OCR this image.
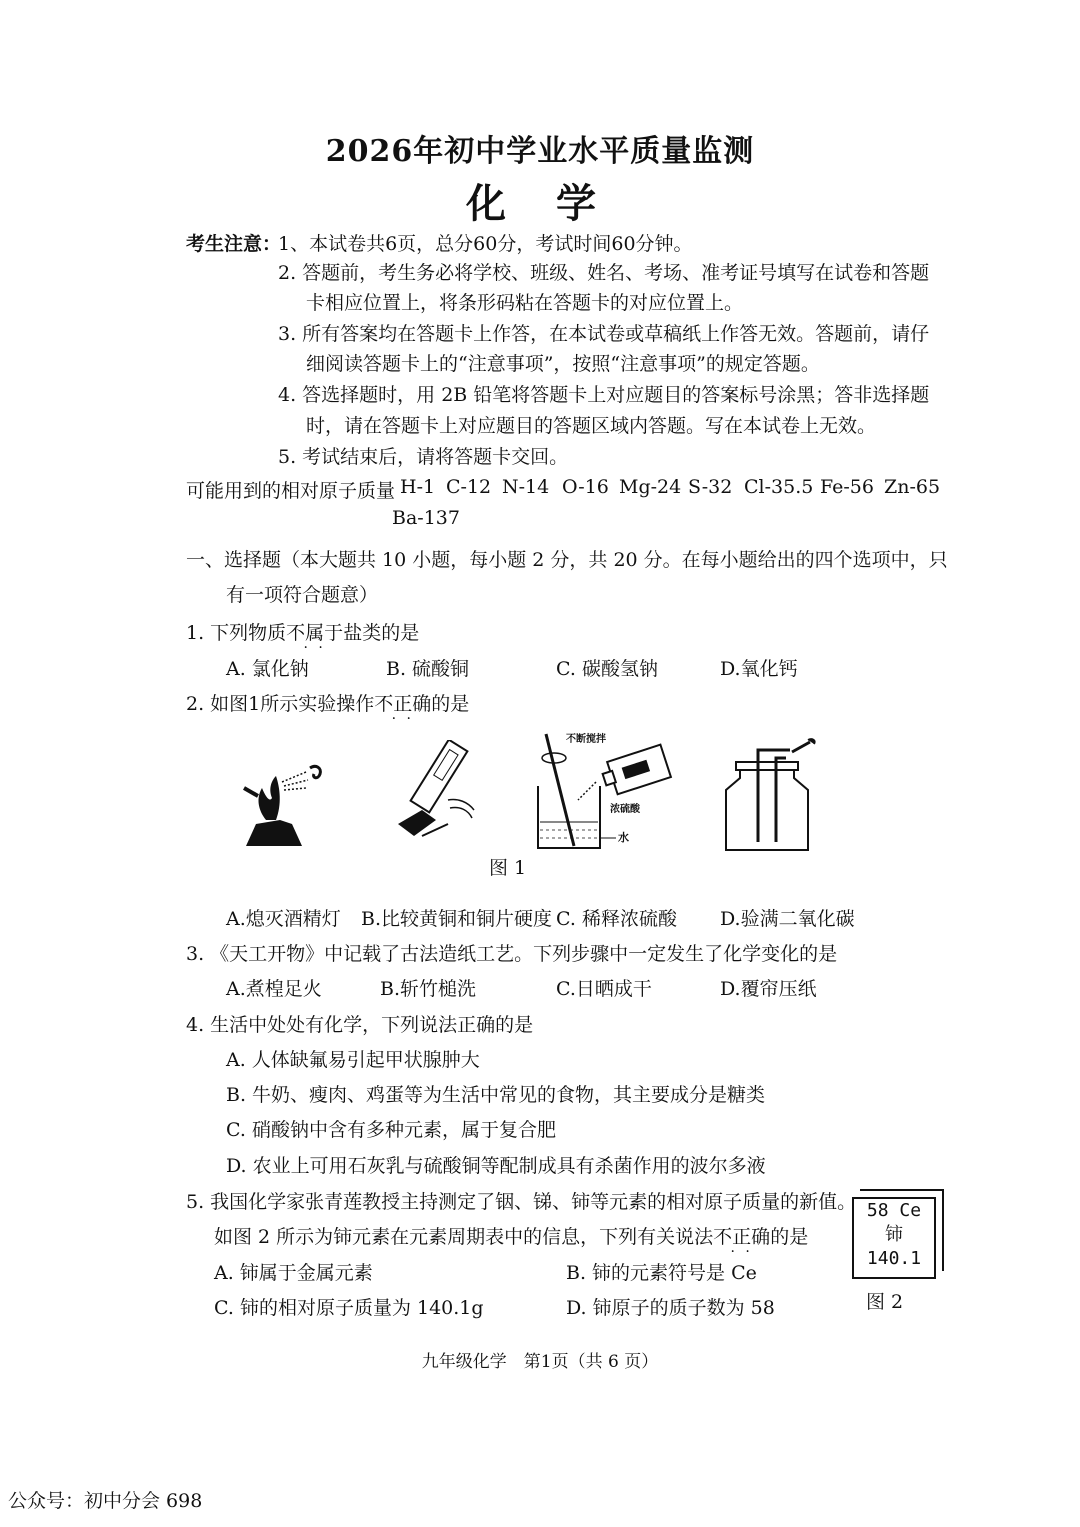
2026年初中学业水平质量监测
化 学
考生注意：
1、本试卷共6页，总分60分，考试时间60分钟。
2. 答题前，考生务必将学校、班级、姓名、考场、准考证号填写在试卷和答题
卡相应位置上，将条形码粘在答题卡的对应位置上。
3. 所有答案均在答题卡上作答，在本试卷或草稿纸上作答无效。答题前，请仔
细阅读答题卡上的“注意事项”，按照“注意事项”的规定答题。
4. 答选择题时，用 2B 铅笔将答题卡上对应题目的答案标号涂黑；答非选择题
时，请在答题卡上对应题目的答题区域内答题。写在本试卷上无效。
5. 考试结束后，请将答题卡交回。
可能用到的相对原子质量 H-1 C-12 N-14 O-16 Mg-24 S-32 Cl-35.5 Fe-56 Zn-65
Ba-137
一、选择题（本大题共 10 小题，每小题 2 分，共 20 分。在每小题给出的四个选项中，只
有一项符合题意）
1. 下列物质不属于 · ·盐类的是
A. 氯化钠	B. 硫酸铜	C. 碳酸氢钠	D.氧化钙
2. 如图1所示实验操作不正确 · ·的是
不断搅拌
浓硫酸
水
图 1
A.熄灭酒精灯 B.比较黄铜和铜片硬度 C. 稀释浓硫酸 D.验满二氧化碳
3. 《天工开物》中记载了古法造纸工艺。下列步骤中一定发生了化学变化的是
A.煮楻足火	B.斩竹槌洗	C.日晒成干	D.覆帘压纸
4. 生活中处处有化学，下列说法正确的是
A. 人体缺氟易引起甲状腺肿大
B. 牛奶、瘦肉、鸡蛋等为生活中常见的食物，其主要成分是糖类
C. 硝酸钠中含有多种元素，属于复合肥
D. 农业上可用石灰乳与硫酸铜等配制成具有杀菌作用的波尔多液
5. 我国化学家张青莲教授主持测定了铟、锑、铈等元素的相对原子质量的新值。
如图 2 所示为铈元素在元素周期表中的信息，下列有关说法不正确 · ·的是
A. 铈属于金属元素	B. 铈的元素符号是 Ce
C. 铈的相对原子质量为 140.1g	D. 铈原子的质子数为 58
58 Ce
铈
140.1
图 2
九年级化学　第1页（共 6 页）
公众号：初中分会 698
